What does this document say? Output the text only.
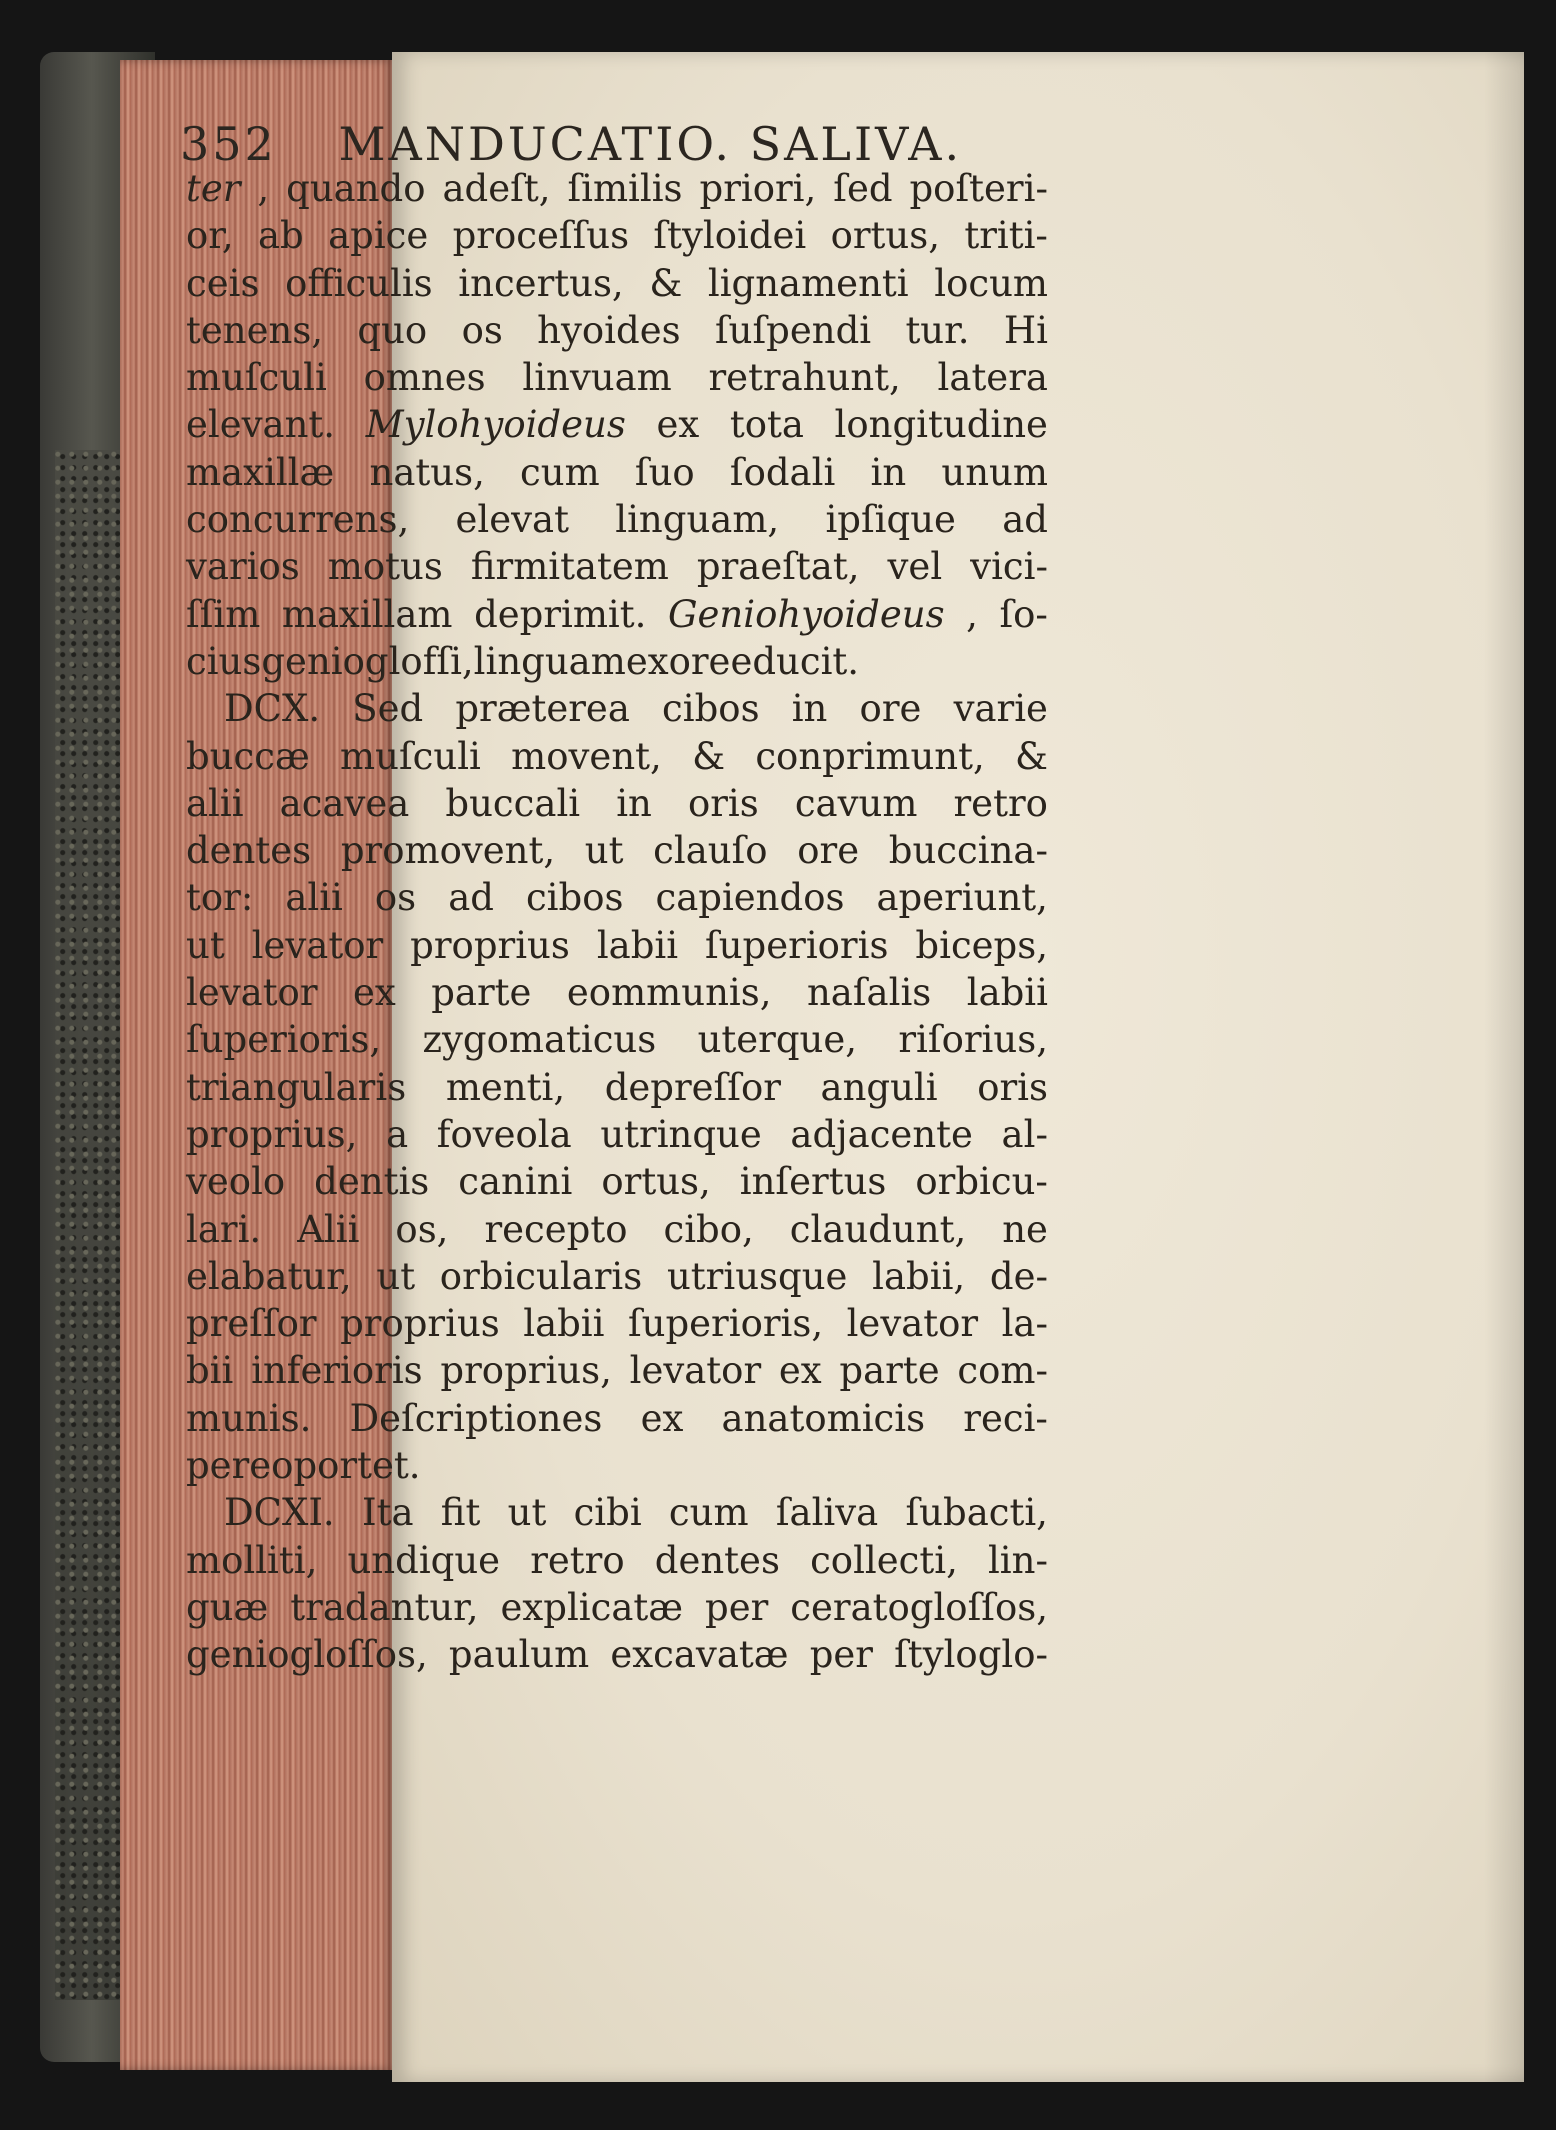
352 MANDUCATIO. SALIVA.
ter , quando adeſt, ſimilis priori, ſed poſteri-
or, ab apice proceſſus ſtyloidei ortus, triti-
ceis officulis incertus, & lignamenti locum
tenens, quo os hyoides ſuſpendi tur. Hi
muſculi omnes linvuam retrahunt, latera
elevant. Mylohyoideus ex tota longitudine
maxillæ natus, cum ſuo ſodali in unum
concurrens, elevat linguam, ipſique ad
varios motus firmitatem praeſtat, vel vici-
ſſim maxillam deprimit. Geniohyoideus , ſo-
ciusgenioglofſi, linguam ex ore educit.
DCX. Sed præterea cibos in ore varie
buccæ muſculi movent, & conprimunt, &
alii acavea buccali in oris cavum retro
dentes promovent, ut clauſo ore buccina-
tor: alii os ad cibos capiendos aperiunt,
ut levator proprius labii ſuperioris biceps,
levator ex parte eommunis, naſalis labii
ſuperioris, zygomaticus uterque, riſorius,
triangularis menti, depreſſor anguli oris
proprius, a foveola utrinque adjacente al-
veolo dentis canini ortus, inſertus orbicu-
lari. Alii os, recepto cibo, claudunt, ne
elabatur, ut orbicularis utriusque labii, de-
preſſor proprius labii ſuperioris, levator la-
bii inferioris proprius, levator ex parte com-
munis. Deſcriptiones ex anatomicis reci-
pere oportet.
DCXI. Ita fit ut cibi cum ſaliva ſubacti,
molliti, undique retro dentes collecti, lin-
guæ tradantur, explicatæ per ceratogloſſos,
geniogloſſos, paulum excavatæ per ſtyloglo-
